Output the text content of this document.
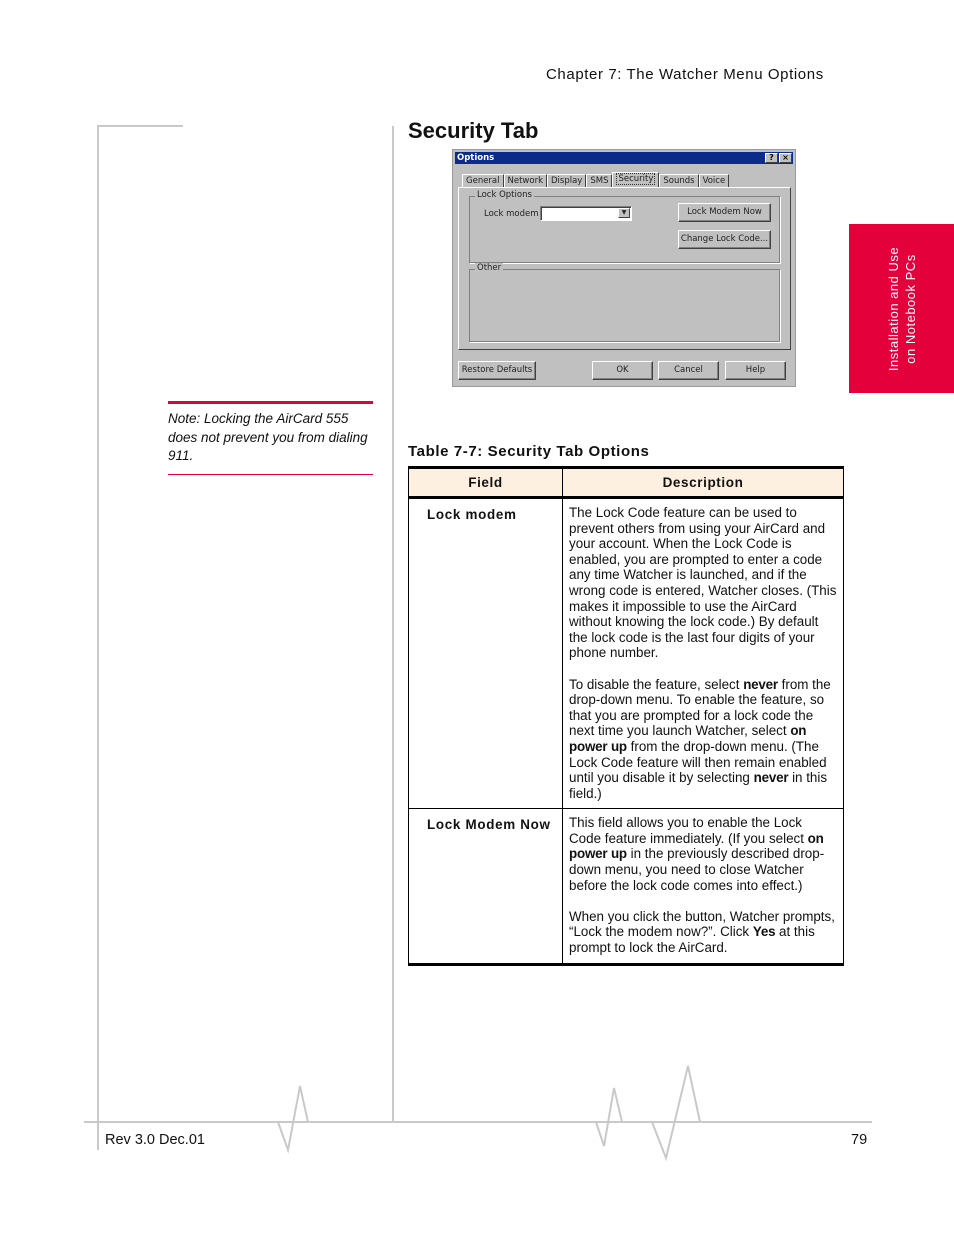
Chapter 7: The Watcher Menu Options
Security Tab
Installation and Use on Notebook PCs
Note: Locking the AirCard 555 does not prevent you from dialing 911.
Options	?	×
General Network Display SMS	Security	Sounds Voice
Lock Options
Lock modem	▼	Lock Modem Now
Change Lock Code...
Other
Restore Defaults	OK	Cancel	Help
Table 7-7: Security Tab Options
Field	Description
Lock modem	The Lock Code feature can be used to prevent others from using your AirCard and your account. When the Lock Code is enabled, you are prompted to enter a code any time Watcher is launched, and if the wrong code is entered, Watcher closes. (This makes it impossible to use the AirCard without knowing the lock code.) By default the lock code is the last four digits of your phone number.

To disable the feature, select never from the drop-down menu. To enable the feature, so that you are prompted for a lock code the next time you launch Watcher, select on power up from the drop-down menu. (The Lock Code feature will then remain enabled until you disable it by selecting never in this field.)

Lock Modem Now	This field allows you to enable the Lock Code feature immediately. (If you select on power up in the previously described drop-down menu, you need to close Watcher before the lock code comes into effect.)

When you click the button, Watcher prompts, “Lock the modem now?”. Click Yes at this prompt to lock the AirCard.

Rev 3.0 Dec.01	79
